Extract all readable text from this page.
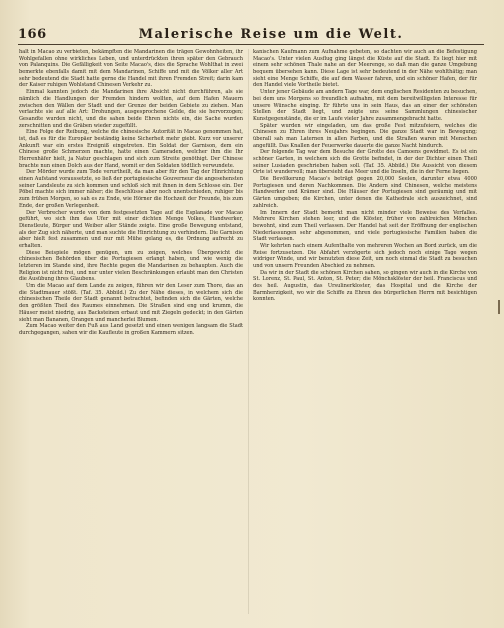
166	Malerische Reise um die Welt.

halt in Macao zu verbieten, bekämpften die Mandarinen die trägen Gewohnheiten, ihr Wohlgefallen ohne wirkliches Leben, und unterdrückten ihren später den Gebrauch von Palanquins. Die Gefälligkeit von Seite Macao's, dies die Sprache Wohlthat in zwei bemerkte ebenfalls damit mit dem Mandarinen, Schiffe und mit die Völker aller Art sehr bedeutend die Stadt hatte gerne die Handel mit ihren Fremden Streit; darin kam der Kaiser ruhigen Wohlstand Chinesen Verkehr zu.

Einmal kannten jedoch die Mandarinen ihre Absicht nicht durchführen, als sie nämlich die Handlungen der Fremden hindern wollten, auf dem Hafen Mauern zwischen den Wällen der Stadt und der Grenze der beiden Gebiete zu ziehen. Man verlachte sie auf alle Art: Drohungen, ausgesprochene Gelde, die sie hervorzogen; Gesandte wurden nicht, und die sahen beide Ehren nichts ein, die Sache wurden zerschnitten und die Gräben wieder zugefüllt.

Eine Folge der Reibung, welche die chinesische Autorität in Macao genommen hat, ist, daß es für die Europäer beständig keine Sicherheit mehr giebt. Kurz vor unserer Ankunft war ein erstes Ereigniß eingetreten. Ein Soldat der Garnison, dem ein Chinese große Schmerzen machte, hatte einen Cameraden, welcher ihm die Ihr Herrenhäfer hielt, ja Natur geschlagen und sich zum Streite genöthigt. Der Chinese brachte nun einen Dolch aus der Hand, womit er den Soldaten tödtlich verwundete.

Der Mörder wurde zum Tode verurtheilt, da man aber für den Tag der Hinrichtung einen Aufstand voraussetzte, so ließ der portugiesische Gouverneur die angesehensten seiner Landsleute zu sich kommen und schloß sich mit ihnen in dem Schlosse ein. Der Pöbel machte sich immer näher; die Beschlüsse aber noch unentschieden, ruhiger bis zum frühen Morgen, so sah es zu Ende, wie Hörner die Hochzeit der Freunde, bis zum Ende, der großen Verlegenheit.

Der Verbrecher wurde von dem festgesetzten Tage auf die Esplanade vor Macao geführt, wo sich ihm das Ufer mit einer dichten Menge Volkes, Handwerker, Dienstleute, Bürger und Weiber aller Stände zeigte. Eine große Bewegung entstand, als der Zug sich näherte, und man suchte die Hinrichtung zu verhindern. Die Garnison aber hielt fest zusammen und nur mit Mühe gelang es, die Ordnung aufrecht zu erhalten.

Diese Beispiele mögen genügen, um zu zeigen, welches Übergewicht die chinesischen Behörden über die Portugiesen erlangt haben, und wie wenig die letzteren im Stande sind, ihre Rechte gegen die Mandarinen zu behaupten. Auch die Religion ist nicht frei, und nur unter vielen Beschränkungen erlaubt man den Christen die Ausübung ihres Glaubens.

Um die Macao auf dem Lande zu zeigen, führen wir den Leser zum Thore, das an die Stadtmauer stößt. (Taf. 35. Abbild.) Zu der Nähe dieses, in welchem sich die chinesischen Theile der Stadt genannt betrachtet, befinden sich die Gärten, welche den größten Theil des Raumes einnehmen. Die Straßen sind eng und krumm, die Häuser meist niedrig, aus Backsteinen erbaut und mit Ziegeln gedeckt; in den Gärten sieht man Bananen, Orangen und mancherlei Blumen.

Zum Macao weiter den Fuß aus Land gesetzt und einen wenigen langsam die Stadt durchgegangen, sahen wir die Kaufleute in großen Kammern sitzen.

kanischen Kaufmann zum Aufnahme gebeten, so dachten wir auch an die Befestigung Macao's. Unter vielen Ausflug ging längst die Küste auf die Stadt. Es liegt hier mit einem sehr schönen Thale nahe an der Meerenge, so daß man die ganze Umgebung bequem übersehen kann. Diese Lage ist sehr bedeutend in der Nähe wohlthätig; man sieht eine Menge Schiffe, die auf dem Wasser fahren, und ein schöner Hafen, der für den Handel viele Vortheile bietet.

Unter jener Gebäude am andern Tage war, dem englischen Residenten zu besuchen, bei dem uns Morgens so freundlich aufnahm, mit dem bereitwilligsten Interesse für unsere Wünsche einging. Er führte uns in sein Haus, das an einer der schönsten Stellen der Stadt liegt, und zeigte uns seine Sammlungen chinesischer Kunstgegenstände, die er im Laufe vieler Jahre zusammengebracht hatte.

Später wurden wir eingeladen, um das große Fest mitzufeiern, welches die Chinesen zu Ehren ihres Neujahrs begingen. Die ganze Stadt war in Bewegung; überall sah man Laternen in allen Farben, und die Straßen waren mit Menschen angefüllt. Das Knallen der Feuerwerke dauerte die ganze Nacht hindurch.

Der folgende Tag war dem Besuche der Grotte des Camoens gewidmet. Es ist ein schöner Garten, in welchem sich die Grotte befindet, in der der Dichter einen Theil seiner Lusiaden geschrieben haben soll. (Taf. 35. Abbild.) Die Aussicht von diesem Orte ist wundervoll; man übersieht das Meer und die Inseln, die in der Ferne liegen.

Die Bevölkerung Macao's beträgt gegen 20,000 Seelen, darunter etwa 4000 Portugiesen und deren Nachkommen. Die Andern sind Chinesen, welche meistens Handwerker und Krämer sind. Die Häuser der Portugiesen sind geräumig und mit Gärten umgeben; die Kirchen, unter denen die Kathedrale sich auszeichnet, sind zahlreich.

Im Innern der Stadt bemerkt man nicht minder viele Beweise des Verfalles. Mehrere Kirchen stehen leer, und die Klöster, früher von zahlreichen Mönchen bewohnt, sind zum Theil verlassen. Der Handel hat seit der Eröffnung der englischen Niederlassungen sehr abgenommen, und viele portugiesische Familien haben die Stadt verlassen.

Wir kehrten nach einem Aufenthalte von mehreren Wochen an Bord zurück, um die Reise fortzusetzen. Die Abfahrt verzögerte sich jedoch noch einige Tage wegen widriger Winde, und wir benutzten diese Zeit, um noch einmal die Stadt zu besuchen und von unsern Freunden Abschied zu nehmen.

Da wir in der Stadt die schönen Kirchen sahen, so gingen wir auch in die Kirche von St. Lorenz, St. Paul, St. Anton, St. Peter; die Mönchsklöster der heil. Franciscus und des heil. Augustin, das Ursulinerkloster, das Hospital und die Kirche der Barmherzigkeit, wo wir die Schiffe zu Ehren des bürgerlichen Herrn mit besichtigen konnten.
